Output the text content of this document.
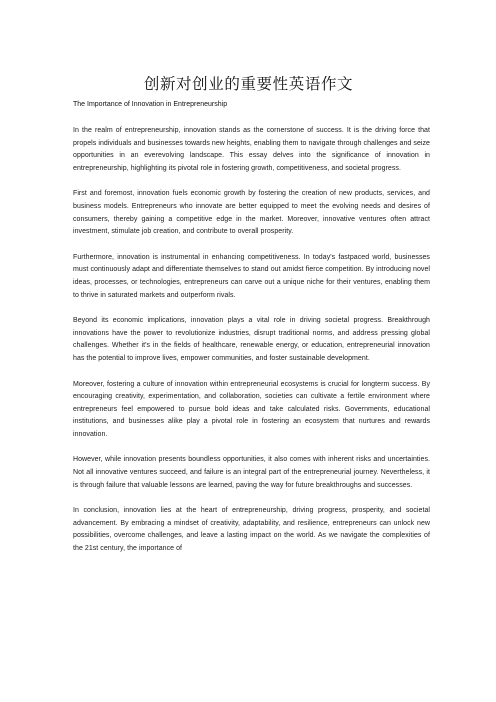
创新对创业的重要性英语作文

The Importance of Innovation in Entrepreneurship

In the realm of entrepreneurship, innovation stands as the cornerstone of success. It is the driving force that propels individuals and businesses towards new heights, enabling them to navigate through challenges and seize opportunities in an everevolving landscape. This essay delves into the significance of innovation in entrepreneurship, highlighting its pivotal role in fostering growth, competitiveness, and societal progress.

First and foremost, innovation fuels economic growth by fostering the creation of new products, services, and business models. Entrepreneurs who innovate are better equipped to meet the evolving needs and desires of consumers, thereby gaining a competitive edge in the market. Moreover, innovative ventures often attract investment, stimulate job creation, and contribute to overall prosperity.

Furthermore, innovation is instrumental in enhancing competitiveness. In today's fastpaced world, businesses must continuously adapt and differentiate themselves to stand out amidst fierce competition. By introducing novel ideas, processes, or technologies, entrepreneurs can carve out a unique niche for their ventures, enabling them to thrive in saturated markets and outperform rivals.

Beyond its economic implications, innovation plays a vital role in driving societal progress. Breakthrough innovations have the power to revolutionize industries, disrupt traditional norms, and address pressing global challenges. Whether it's in the fields of healthcare, renewable energy, or education, entrepreneurial innovation has the potential to improve lives, empower communities, and foster sustainable development.

Moreover, fostering a culture of innovation within entrepreneurial ecosystems is crucial for longterm success. By encouraging creativity, experimentation, and collaboration, societies can cultivate a fertile environment where entrepreneurs feel empowered to pursue bold ideas and take calculated risks. Governments, educational institutions, and businesses alike play a pivotal role in fostering an ecosystem that nurtures and rewards innovation.

However, while innovation presents boundless opportunities, it also comes with inherent risks and uncertainties. Not all innovative ventures succeed, and failure is an integral part of the entrepreneurial journey. Nevertheless, it is through failure that valuable lessons are learned, paving the way for future breakthroughs and successes.

In conclusion, innovation lies at the heart of entrepreneurship, driving progress, prosperity, and societal advancement. By embracing a mindset of creativity, adaptability, and resilience, entrepreneurs can unlock new possibilities, overcome challenges, and leave a lasting impact on the world. As we navigate the complexities of the 21st century, the importance of
